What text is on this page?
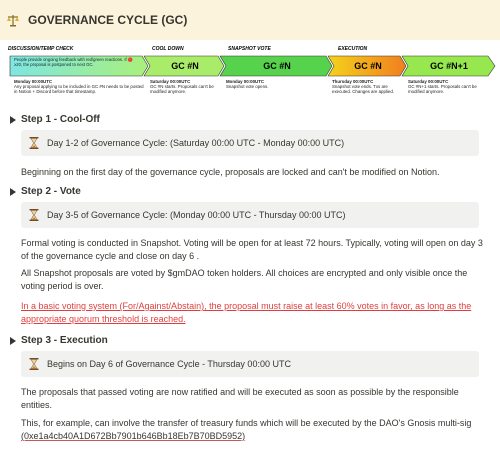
GOVERNANCE CYCLE (GC)
DISCUSSION/TEMP CHECK	COOL DOWN	SNAPSHOT VOTE	EXECUTION
People provide ongoing feedback with red/green reactions. If 🔴 ≥20, the proposal is postponed to next GC.	GC #N	GC #N	GC #N	GC #N+1
Monday 00:00UTC
Any proposal applying to be included in GC #N needs to be posted in Notion + Discord before that timestamp.
Saturday 00:00UTC
GC #N starts. Proposals can't be modified anymore.
Monday 00:00UTC
Snapshot vote opens.
Thursday 00:00UTC
Snapshot vote ends. Txs are executed. Changes are applied.
Saturday 00:00UTC
GC #N+1 starts. Proposals can't be modified anymore.
Step 1 - Cool-Off
Day 1-2 of Governance Cycle: (Saturday 00:00 UTC - Monday 00:00 UTC)
Beginning on the first day of the governance cycle, proposals are locked and can't be modified on Notion.
Step 2 - Vote
Day 3-5 of Governance Cycle: (Monday 00:00 UTC - Thursday 00:00 UTC)
Formal voting is conducted in Snapshot. Voting will be open for at least 72 hours. Typically, voting will open on day 3 of the governance cycle and close on day 6 .
All Snapshot proposals are voted by $gmDAO token holders. All choices are encrypted and only visible once the voting period is over.
In a basic voting system (For/Against/Abstain), the proposal must raise at least 60% votes in favor, as long as the appropriate quorum threshold is reached.
Step 3 - Execution
Begins on Day 6 of Governance Cycle - Thursday 00:00 UTC
The proposals that passed voting are now ratified and will be executed as soon as possible by the responsible entities.
This, for example, can involve the transfer of treasury funds which will be executed by the DAO's Gnosis multi-sig
(0xe1a4cb40A1D672Bb7901b646Bb18Eb7B70BD5952)
